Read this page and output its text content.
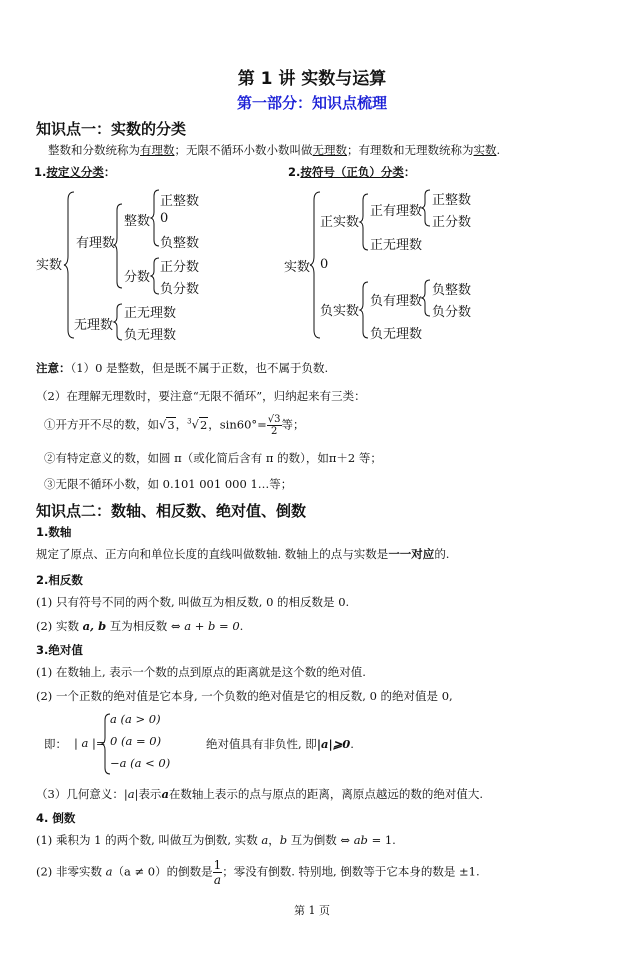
第 1 讲 实数与运算
第一部分：知识点梳理
知识点一：实数的分类
整数和分数统称为有理数；无限不循环小数小数叫做无理数；有理数和无理数统称为实数.
1.按定义分类：	2.按符号（正负）分类：
实数
有理数
无理数
整数
正整数
0
负整数
分数
正分数
负分数
正无理数
负无理数
实数
正实数
0
负实数
正有理数
正整数
正分数
正无理数
负有理数
负整数
负分数
负无理数
注意：（1）0 是整数，但是既不属于正数，也不属于负数.
（2）在理解无理数时，要注意“无限不循环”，归纳起来有三类：
①开方开不尽的数，如√3，$^3$√2，$\sin 60^\circ= \frac{√3}{2}$ 等；
②有特定意义的数，如圆 π（或化简后含有 π 的数），如π＋2 等；
③无限不循环小数，如 0.101 001 000 1…等；
知识点二：数轴、相反数、绝对值、倒数
1.数轴
规定了原点、正方向和单位长度的直线叫做数轴. 数轴上的点与实数是一一对应的.
2.相反数
(1) 只有符号不同的两个数, 叫做互为相反数, 0 的相反数是 0.
(2) 实数 a, b 互为相反数 ⇔ a + b = 0.
3.绝对值
(1) 在数轴上, 表示一个数的点到原点的距离就是这个数的绝对值.
(2) 一个正数的绝对值是它本身, 一个负数的绝对值是它的相反数, 0 的绝对值是 0,
即： | a |=
a (a > 0)
0 (a = 0)
−a (a < 0)
绝对值具有非负性, 即|a|⩾0.
（3）几何意义：|a|表示a在数轴上表示的点与原点的距离，离原点越远的数的绝对值大.
4. 倒数
(1) 乘积为 1 的两个数, 叫做互为倒数, 实数 a，b 互为倒数 ⇔ ab = 1.
(2) 非零实数 a（a ≠ 0）的倒数是 $\frac{1}{a}$ ；零没有倒数. 特别地, 倒数等于它本身的数是 ±1.
第 1 页
